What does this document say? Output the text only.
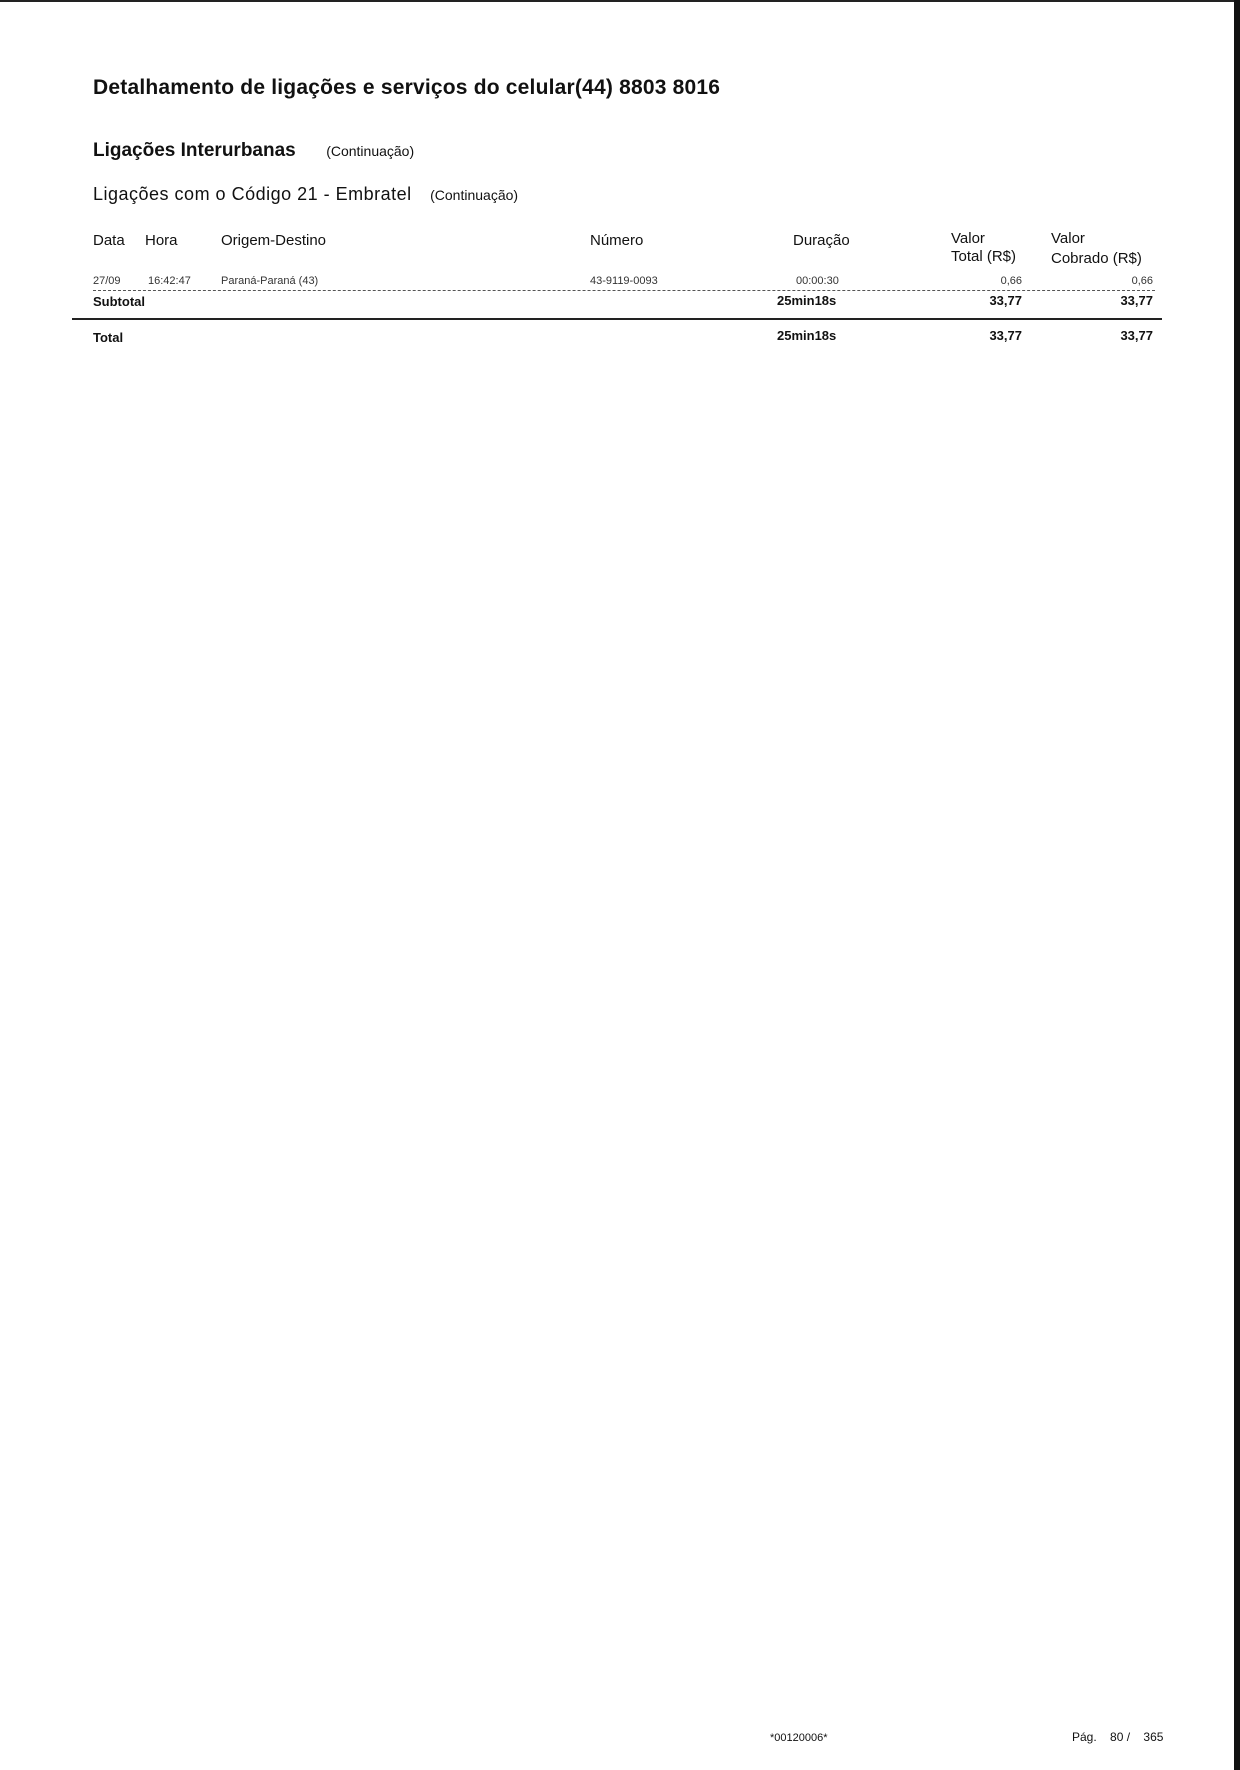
Detalhamento de ligações e serviços do celular(44) 8803 8016
Ligações Interurbanas (Continuação)
Ligações com o Código 21 - Embratel (Continuação)
Data Hora	Origem-Destino	Número	Duração	Valor
Total (R$)
Valor
Cobrado (R$)
27/09 16:42:47	Paraná-Paraná (43)	43-9119-0093	00:00:30	0,66	0,66
Subtotal	25min18s	33,77	33,77
Total	25min18s	33,77	33,77
*00120006*	Pág. 80 / 365
